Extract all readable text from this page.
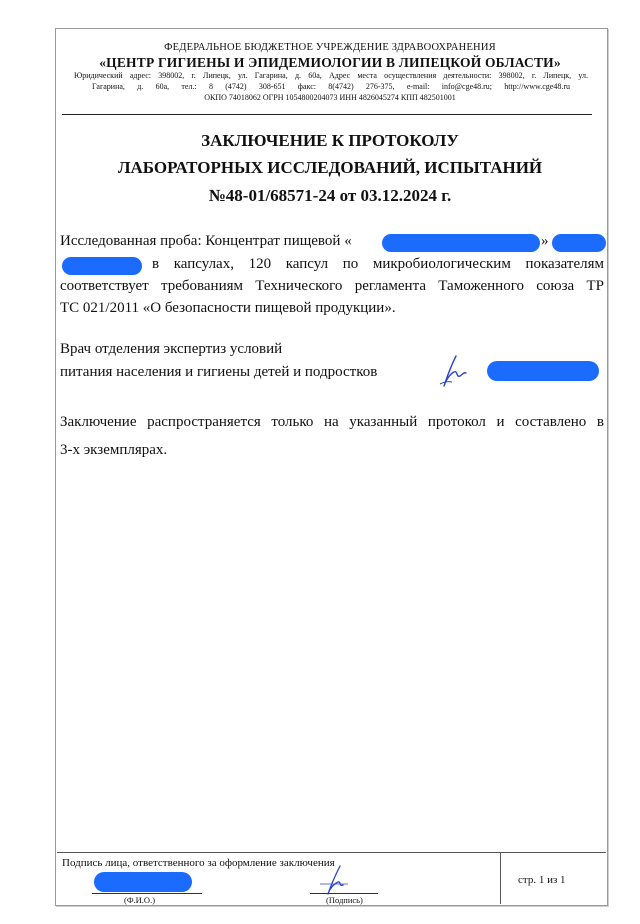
ФЕДЕРАЛЬНОЕ БЮДЖЕТНОЕ УЧРЕЖДЕНИЕ ЗДРАВООХРАНЕНИЯ
«ЦЕНТР ГИГИЕНЫ И ЭПИДЕМИОЛОГИИ В ЛИПЕЦКОЙ ОБЛАСТИ»
Юридический адрес: 398002, г. Липецк, ул. Гагарина, д. 60а, Адрес места осуществления деятельности: 398002, г. Липецк, ул.
Гагарина, д. 60а, тел.: 8 (4742) 308-651 факс: 8(4742) 276-375, e-mail: info@cge48.ru; http://www.cge48.ru
ОКПО 74018062 ОГРН 1054800204073 ИНН 4826045274 КПП 482501001
ЗАКЛЮЧЕНИЕ К ПРОТОКОЛУ
ЛАБОРАТОРНЫХ ИССЛЕДОВАНИЙ, ИСПЫТАНИЙ
№48-01/68571-24 от 03.12.2024 г.
Исследованная проба: Концентрат пищевой «	»
в капсулах, 120 капсул по микробиологическим показателям
соответствует требованиям Технического регламента Таможенного союза ТР
ТС 021/2011 «О безопасности пищевой продукции».
Врач отделения экспертиз условий
питания населения и гигиены детей и подростков
Заключение распространяется только на указанный протокол и составлено в
3-х экземплярах.
Подпись лица, ответственного за оформление заключения
(Ф.И.О.)	(Подпись)
стр. 1 из 1
